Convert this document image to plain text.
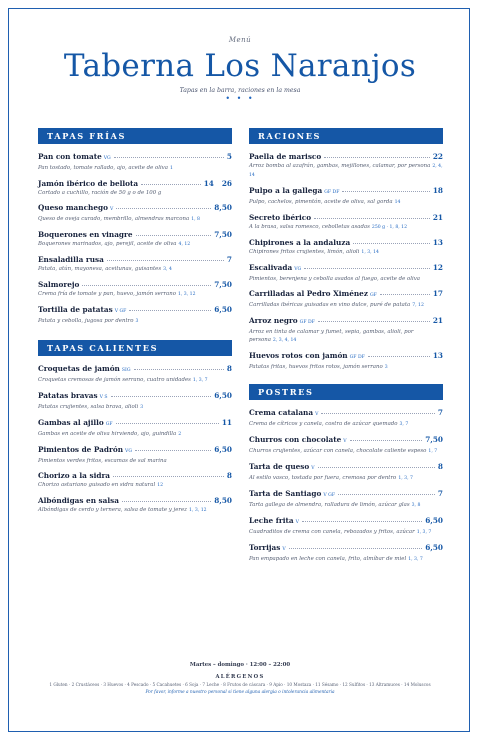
Menú
Taberna Los Naranjos
Tapas en la barra, raciones en la mesa
• • •
TAPAS FRÍAS
Pan con tomate VG	5
Pan tostado, tomate rallado, ajo, aceite de oliva 1
Jamón ibérico de bellota	14 26
Cortado a cuchillo, ración de 50 g o de 100 g
Queso manchego V	8,50
Queso de oveja curado, membrillo, almendras marcona 1, 8
Boquerones en vinagre	7,50
Boquerones marinados, ajo, perejil, aceite de oliva 4, 12
Ensaladilla rusa	7
Patata, atún, mayonesa, aceitunas, guisantes 3, 4
Salmorejo	7,50
Crema fría de tomate y pan, huevo, jamón serrano 1, 3, 12
Tortilla de patatas V GF	6,50
Patata y cebolla, jugosa por dentro 3
TAPAS CALIENTES
Croquetas de jamón SIG	8
Croquetas cremosas de jamón serrano, cuatro unidades 1, 3, 7
Patatas bravas V S	6,50
Patatas crujientes, salsa brava, alioli 3
Gambas al ajillo GF	11
Gambas en aceite de oliva hirviendo, ajo, guindilla 2
Pimientos de Padrón VG	6,50
Pimientos verdes fritos, escamas de sal marina
Chorizo a la sidra	8
Chorizo asturiano guisado en sidra natural 12
Albóndigas en salsa	8,50
Albóndigas de cerdo y ternera, salsa de tomate y jerez 1, 3, 12
RACIONES
Paella de marisco	22
Arroz bomba al azafrán, gambas, mejillones, calamar, por persona 2, 4, 14
Pulpo a la gallega GF DF	18
Pulpo, cachelos, pimentón, aceite de oliva, sal gorda 14
Secreto ibérico	21
A la brasa, salsa romesco, cebolletas asadas 250 g · 1, 8, 12
Chipirones a la andaluza	13
Chipirones fritos crujientes, limón, alioli 1, 3, 14
Escalivada VG	12
Pimientos, berenjena y cebolla asados al fuego, aceite de oliva
Carrilladas al Pedro Ximénez GF	17
Carrilladas ibéricas guisadas en vino dulce, puré de patata 7, 12
Arroz negro GF DF	21
Arroz en tinta de calamar y fumet, sepia, gambas, alioli, por persona 2, 3, 4, 14
Huevos rotos con jamón GF DF	13
Patatas fritas, huevos fritos rotos, jamón serrano 3
POSTRES
Crema catalana V	7
Crema de cítricos y canela, costra de azúcar quemado 3, 7
Churros con chocolate V	7,50
Churros crujientes, azúcar con canela, chocolate caliente espeso 1, 7
Tarta de queso V	8
Al estilo vasco, tostada por fuera, cremosa por dentro 1, 3, 7
Tarta de Santiago V GF	7
Tarta gallega de almendra, ralladura de limón, azúcar glas 3, 8
Leche frita V	6,50
Cuadraditos de crema con canela, rebozados y fritos, azúcar 1, 3, 7
Torrijas V	6,50
Pan empapado en leche con canela, frito, almíbar de miel 1, 3, 7
Martes – domingo · 12:00 – 22:00
ALÉRGENOS
1 Gluten · 2 Crustáceos · 3 Huevos · 4 Pescado · 5 Cacahuetes · 6 Soja · 7 Leche · 8 Frutos de cáscara · 9 Apio · 10 Mostaza · 11 Sésamo · 12 Sulfitos · 13 Altramuces · 14 Moluscos
Por favor, informe a nuestro personal si tiene alguna alergia o intolerancia alimentaria
